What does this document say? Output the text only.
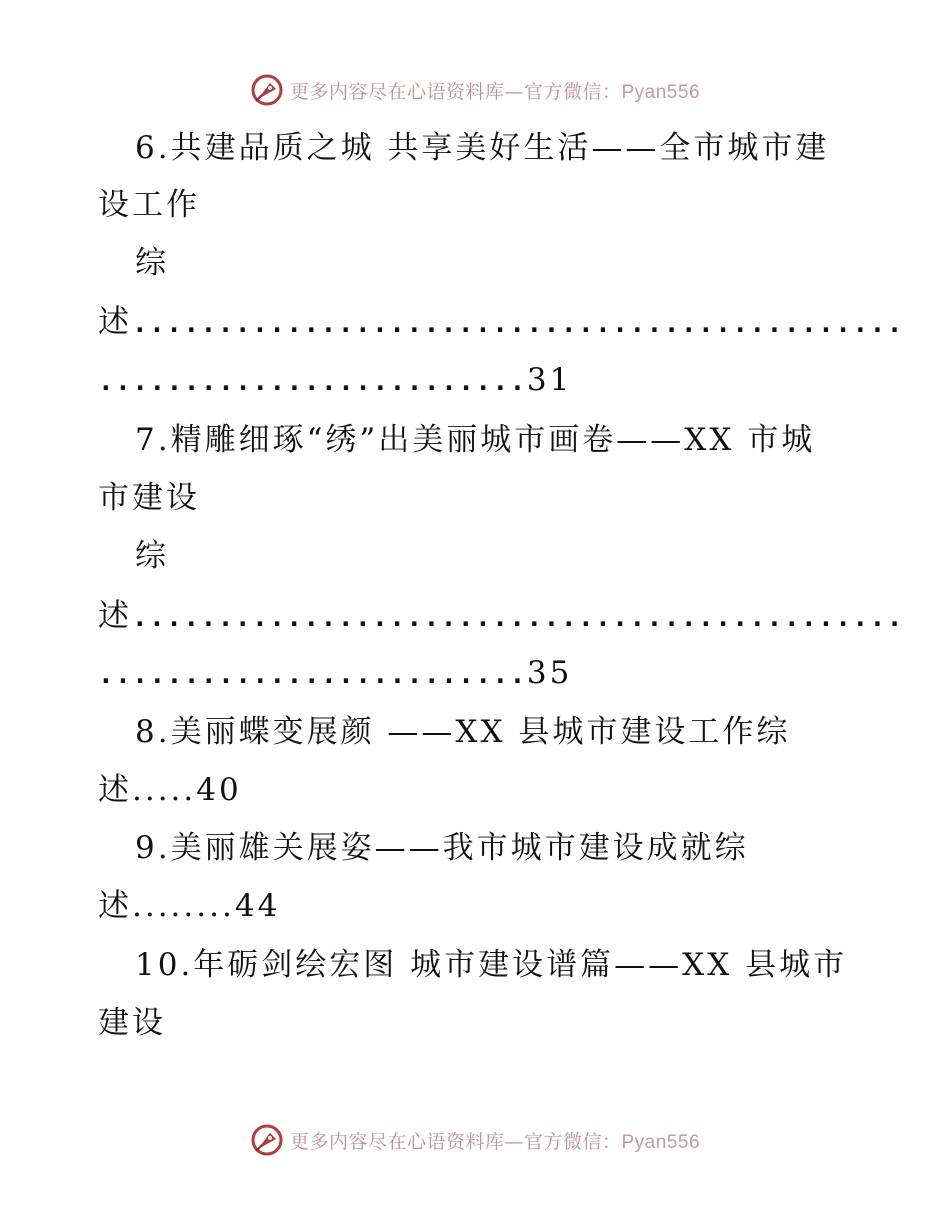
更多内容尽在心语资料库—官方微信：Pyan556
6.共建品质之城 共享美好生活——全市城市建
设工作
综
述.............................................
.........................31
7.精雕细琢“绣”出美丽城市画卷——XX 市城
市建设
综
述.............................................
.........................35
8.美丽蝶变展颜 ——XX 县城市建设工作综
述.....40
9.美丽雄关展姿——我市城市建设成就综
述........44
10.年砺剑绘宏图 城市建设谱篇——XX 县城市
建设
更多内容尽在心语资料库—官方微信：Pyan556
